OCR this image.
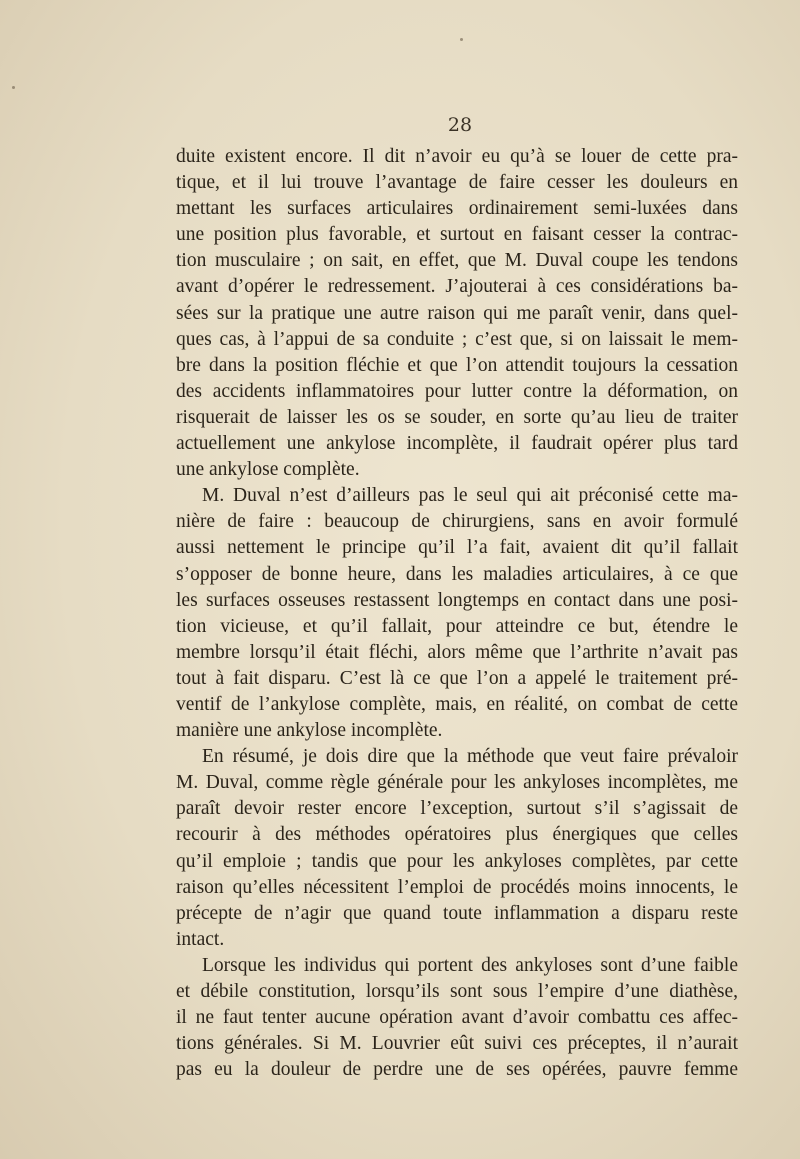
28
duite existent encore. Il dit n’avoir eu qu’à se louer de cette pra-
tique, et il lui trouve l’avantage de faire cesser les douleurs en
mettant les surfaces articulaires ordinairement semi-luxées dans
une position plus favorable, et surtout en faisant cesser la contrac-
tion musculaire ; on sait, en effet, que M. Duval coupe les tendons
avant d’opérer le redressement. J’ajouterai à ces considérations ba-
sées sur la pratique une autre raison qui me paraît venir, dans quel-
ques cas, à l’appui de sa conduite ; c’est que, si on laissait le mem-
bre dans la position fléchie et que l’on attendit toujours la cessation
des accidents inflammatoires pour lutter contre la déformation, on
risquerait de laisser les os se souder, en sorte qu’au lieu de traiter
actuellement une ankylose incomplète, il faudrait opérer plus tard
une ankylose complète.
M. Duval n’est d’ailleurs pas le seul qui ait préconisé cette ma-
nière de faire : beaucoup de chirurgiens, sans en avoir formulé
aussi nettement le principe qu’il l’a fait, avaient dit qu’il fallait
s’opposer de bonne heure, dans les maladies articulaires, à ce que
les surfaces osseuses restassent longtemps en contact dans une posi-
tion vicieuse, et qu’il fallait, pour atteindre ce but, étendre le
membre lorsqu’il était fléchi, alors même que l’arthrite n’avait pas
tout à fait disparu. C’est là ce que l’on a appelé le traitement pré-
ventif de l’ankylose complète, mais, en réalité, on combat de cette
manière une ankylose incomplète.
En résumé, je dois dire que la méthode que veut faire prévaloir
M. Duval, comme règle générale pour les ankyloses incomplètes, me
paraît devoir rester encore l’exception, surtout s’il s’agissait de
recourir à des méthodes opératoires plus énergiques que celles
qu’il emploie ; tandis que pour les ankyloses complètes, par cette
raison qu’elles nécessitent l’emploi de procédés moins innocents, le
précepte de n’agir que quand toute inflammation a disparu reste
intact.
Lorsque les individus qui portent des ankyloses sont d’une faible
et débile constitution, lorsqu’ils sont sous l’empire d’une diathèse,
il ne faut tenter aucune opération avant d’avoir combattu ces affec-
tions générales. Si M. Louvrier eût suivi ces préceptes, il n’aurait
pas eu la douleur de perdre une de ses opérées, pauvre femme
